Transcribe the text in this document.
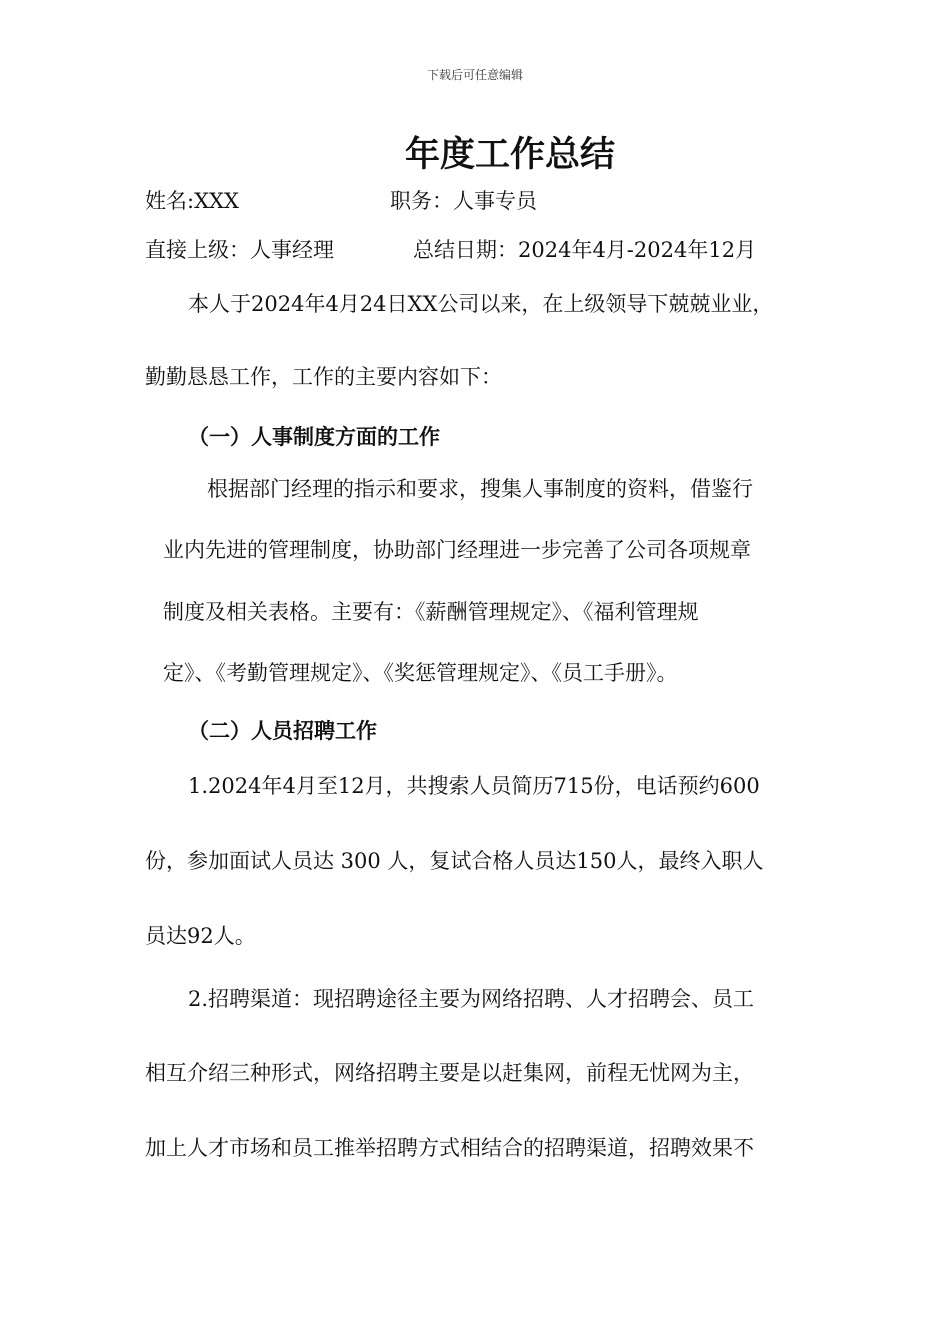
下载后可任意编辑

年度工作总结

姓名:XXX	职务：人事专员

直接上级：人事经理	总结日期：2024年4月-2024年12月

本人于2024年4月24日XX公司以来，在上级领导下兢兢业业，

勤勤恳恳工作，工作的主要内容如下：

（一）人事制度方面的工作

根据部门经理的指示和要求，搜集人事制度的资料，借鉴行

业内先进的管理制度，协助部门经理进一步完善了公司各项规章

制度及相关表格。主要有：《薪酬管理规定》、《福利管理规

定》、《考勤管理规定》、《奖惩管理规定》、《员工手册》。

（二）人员招聘工作

1.2024年4月至12月，共搜索人员简历715份，电话预约600

份，参加面试人员达 300 人，复试合格人员达150人，最终入职人

员达92人。

2.招聘渠道：现招聘途径主要为网络招聘、人才招聘会、员工

相互介绍三种形式，网络招聘主要是以赶集网，前程无忧网为主，

加上人才市场和员工推举招聘方式相结合的招聘渠道，招聘效果不
